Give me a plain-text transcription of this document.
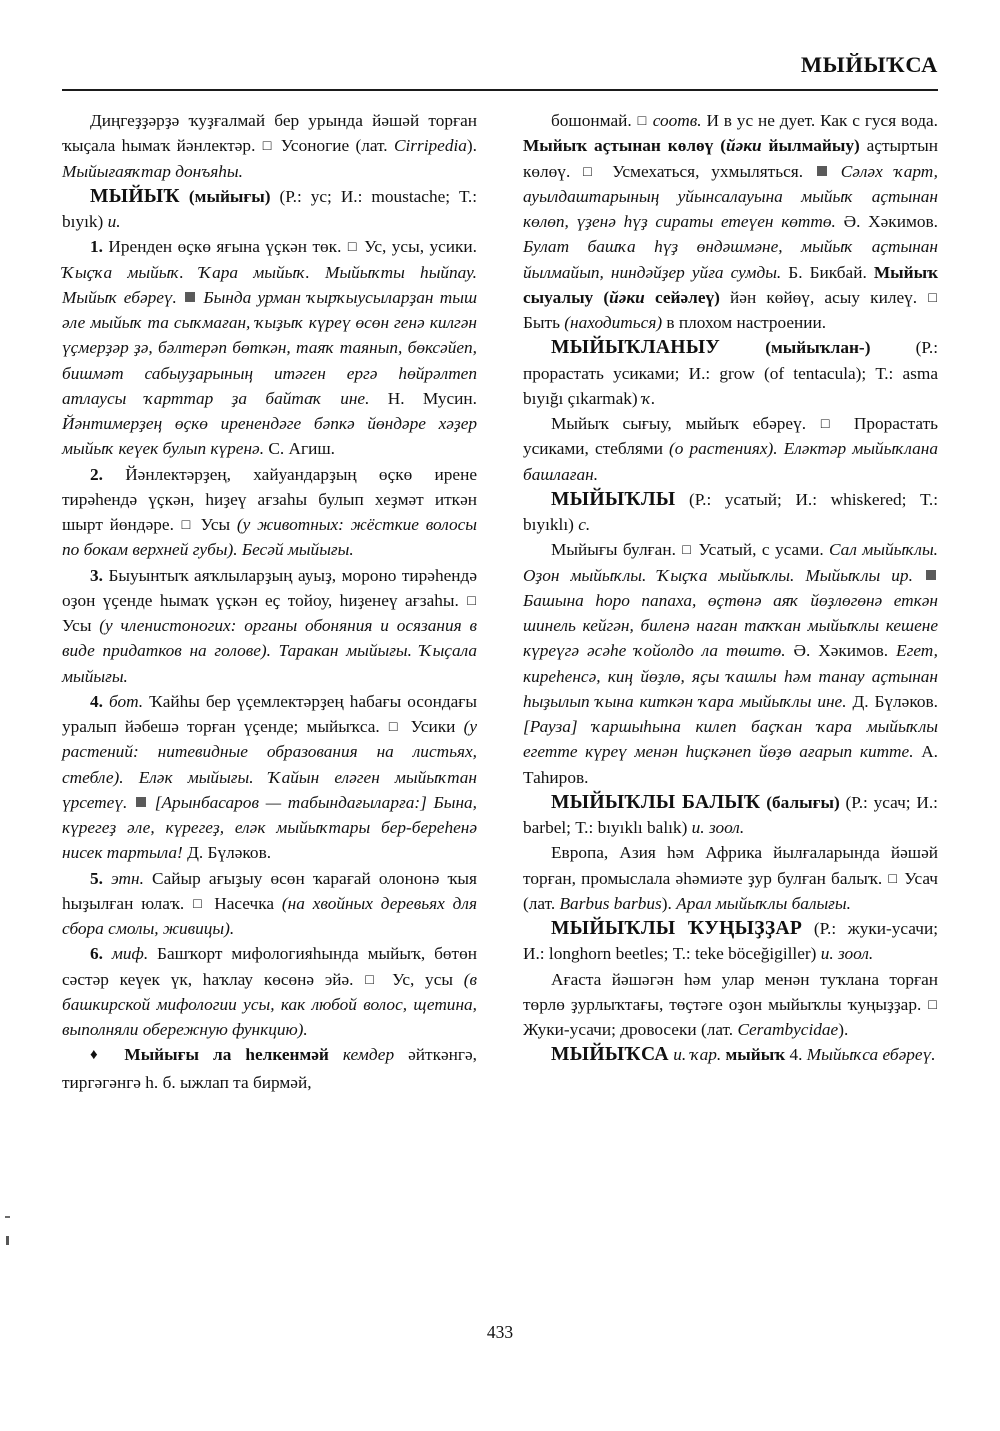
МЫЙЫҠСА

Диңгеҙҙәрҙә ҡуҙғалмай бер урында йәшәй торған ҡыҫала һымаҡ йәнлектәр. □ Усоногие (лат. Cirripedia). Мыйығаяҡтар донъяһы.

МЫЙЫҠ (мыйығы) (Р.: ус; И.: moustache; Т.: bıyık) и.

1. Иренден өҫкө яғына үҫкән төк. □ Ус, усы, усики. Ҡыҫҡа мыйыҡ. Ҡара мыйыҡ. Мыйыҡты һыйпау. Мыйыҡ ебәреү.  Бында урман ҡырҡыусыларҙан тыш әле мыйыҡ та сыҡмаған, ҡыҙыҡ күреү өсөн генә килгән үҫмерҙәр ҙә, бәлтерәп бөткән, таяҡ таянып, бөксәйеп, бишмәт сабыуҙарының итәген ергә һөйрәлтеп атлаусы ҡарттар ҙа байтаҡ ине. Н. Мусин. Йәнтимерҙең өҫкө иренендәге бәпкә йөндәре хәҙер мыйыҡ кеүек булып күренә. С. Агиш.

2. Йәнлектәрҙең, хайуандарҙың өҫкө ирене тирәһендә үҫкән, һиҙеү ағзаһы булып хеҙмәт иткән шырт йөндәре. □ Усы (у животных: жёсткие волосы по бокам верхней губы). Бесәй мыйығы.

3. Быуынтыҡ аяҡлыларҙың ауыҙ, мороно тирәһендә оҙон үҫенде һымаҡ үҫкән еҫ тойоу, һиҙенеү ағзаһы. □ Усы (у членистоногих: органы обоняния и осязания в виде придатков на голове). Таракан мыйығы. Ҡыҫала мыйығы.

4. бот. Ҡайһы бер үҫемлектәрҙең һабағы осондағы уралып йәбешә торған үҫенде; мыйыҡса. □ Усики (у растений: нитевидные образования на листьях, стебле). Еләк мыйығы. Ҡайын еләген мыйыҡтан үрсетеү.  [Арынбасаров — табындағыларға:] Бына, күрегеҙ әле, күрегеҙ, еләк мыйыҡтары бер-береһенә нисек тартыла! Д. Бүләков.

5. этн. Сайыр ағыҙыу өсөн ҡарағай олононә ҡыя һыҙылған юлаҡ. □ Насечка (на хвойных деревьях для сбора смолы, живицы).

6. миф. Башҡорт мифологияһында мыйыҡ, бөтөн сәстәр кеүек үк, һаҡлау көсөнә эйә. □ Ус, усы (в башкирской мифологии усы, как любой волос, щетина, выполняли обережную функцию).

♦ Мыйығы ла һелкенмәй кемдер әйткәнгә, тиргәгәнгә һ. б. ыжлап та бирмәй,

бошонмай. □ соотв. И в ус не дует. Как с гуся вода. Мыйыҡ аҫтынан көлөү (йәки йылмайыу) аҫтыртын көлөү. □ Усмехаться, ухмыляться.  Сәләх ҡарт, ауылдаштарының уйынсалауына мыйыҡ аҫтынан көлөп, үҙенә һүҙ сираты етеүен көттө. Ә. Хәкимов. Булат башҡа һүҙ өндәшмәне, мыйыҡ аҫтынан йылмайып, ниндәйҙер уйға сумды. Б. Бикбай. Мыйыҡ сыуалыу (йәки сейәлеү) йән көйөү, асыу килеү. □ Быть (находиться) в плохом настроении.

МЫЙЫҠЛАНЫУ	(мыйыҡлан-) (Р.: прорастать усиками; И.: grow (of tentacula); Т.: asma bıyığı çıkarmak) ҡ.

Мыйыҡ сығыу, мыйыҡ ебәреү. □ Прорастать усиками, стеблями (о растениях). Еләктәр мыйыҡлана башлаған.

МЫЙЫҠЛЫ (Р.: усатый; И.: whiskered; Т.: bıyıklı) с.

Мыйығы булған. □ Усатый, с усами. Сал мыйыҡлы. Оҙон мыйыҡлы. Ҡыҫҡа мыйыҡлы. Мыйыҡлы ир.  Башына һоро папаха, өҫтөнә аяҡ йөҙлөгөнә еткән шинель кейгән, биленә наган таҡҡан мыйыҡлы кешене күреүгә әсәһе ҡойолдо ла төштө. Ә. Хәкимов. Егет, киреһенсә, киң йөҙлө, яҫы ҡашлы һәм танау аҫтынан һыҙылып ҡына киткән ҡара мыйыҡлы ине. Д. Бүләков. [Рауза] ҡаршыһына килеп баҫҡан ҡара мыйыҡлы егетте күреү менән һиҫкәнеп йөҙө ағарып китте. А. Таһиров.

МЫЙЫҠЛЫ БАЛЫҠ (балығы) (Р.: усач; И.: barbel; Т.: bıyıklı balık) и. зоол.

Европа, Азия һәм Африка йылғаларында йәшәй торған, промыслала әһәмиәте ҙур булған балыҡ. □ Усач (лат. Barbus barbus). Арал мыйыҡлы балығы.

МЫЙЫҠЛЫ ҠУҢЫҘҘАР (Р.: жуки-усачи; И.: longhorn beetles; Т.: teke böceğigiller) и. зоол.

Ағаста йәшәгән һәм улар менән туҡлана торған төрлө ҙурлыҡтағы, төҫтәге оҙон мыйыҡлы ҡуңыҙҙар. □ Жуки-усачи; дровосеки (лат. Cerambycidae).

МЫЙЫҠСА и. ҡар. мыйыҡ 4. Мыйыҡса ебәреү.

433
